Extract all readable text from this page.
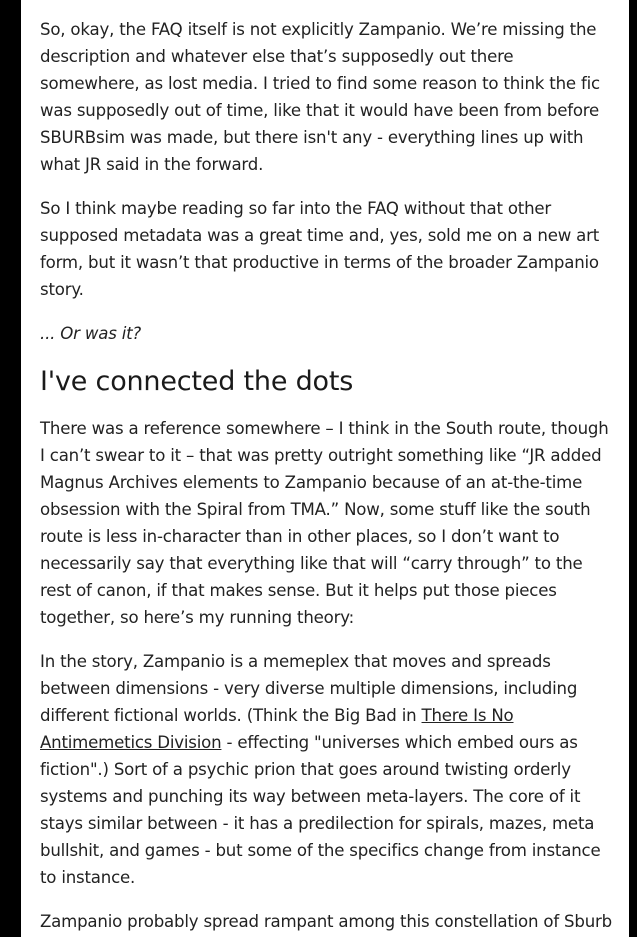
So, okay, the FAQ itself is not explicitly Zampanio. We’re missing the description and whatever else that’s supposedly out there somewhere, as lost media. I tried to find some reason to think the fic was supposedly out of time, like that it would have been from before SBURBsim was made, but there isn't any - everything lines up with what JR said in the forward.

So I think maybe reading so far into the FAQ without that other supposed metadata was a great time and, yes, sold me on a new art form, but it wasn’t that productive in terms of the broader Zampanio story.

... Or was it?

I've connected the dots

There was a reference somewhere – I think in the South route, though I can’t swear to it – that was pretty outright something like “JR added Magnus Archives elements to Zampanio because of an at-the-time obsession with the Spiral from TMA.” Now, some stuff like the south route is less in-character than in other places, so I don’t want to necessarily say that everything like that will “carry through” to the rest of canon, if that makes sense. But it helps put those pieces together, so here’s my running theory:

In the story, Zampanio is a memeplex that moves and spreads between dimensions - very diverse multiple dimensions, including different fictional worlds. (Think the Big Bad in There Is No Antimemetics Division - effecting "universes which embed ours as fiction".) Sort of a psychic prion that goes around twisting orderly systems and punching its way between meta-layers. The core of it stays similar between - it has a predilection for spirals, mazes, meta bullshit, and games - but some of the specifics change from instance to instance.

Zampanio probably spread rampant among this constellation of Sburb
